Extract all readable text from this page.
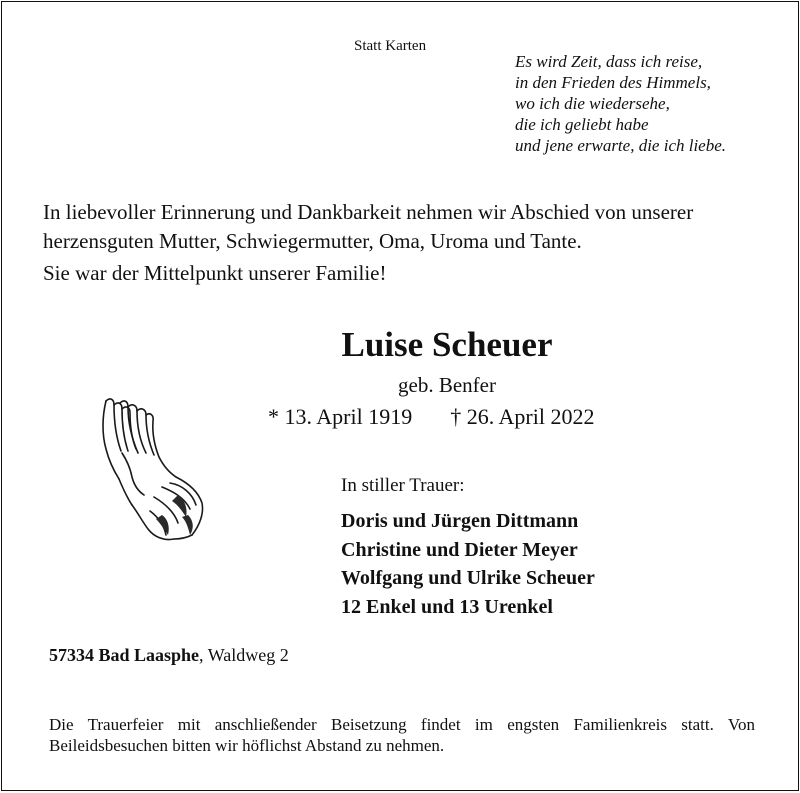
Statt Karten
Es wird Zeit, dass ich reise,
in den Frieden des Himmels,
wo ich die wiedersehe,
die ich geliebt habe
und jene erwarte, die ich liebe.
In liebevoller Erinnerung und Dankbarkeit nehmen wir Abschied von unserer
herzensguten Mutter, Schwiegermutter, Oma, Uroma und Tante.
Sie war der Mittelpunkt unserer Familie!
Luise Scheuer
geb. Benfer
* 13. April 1919 † 26. April 2022
In stiller Trauer:
Doris und Jürgen Dittmann
Christine und Dieter Meyer
Wolfgang und Ulrike Scheuer
12 Enkel und 13 Urenkel
57334 Bad Laasphe, Waldweg 2
Die Trauerfeier mit anschließender Beisetzung findet im engsten Familienkreis statt. Von Beileidsbesuchen bitten wir höflichst Abstand zu nehmen.
